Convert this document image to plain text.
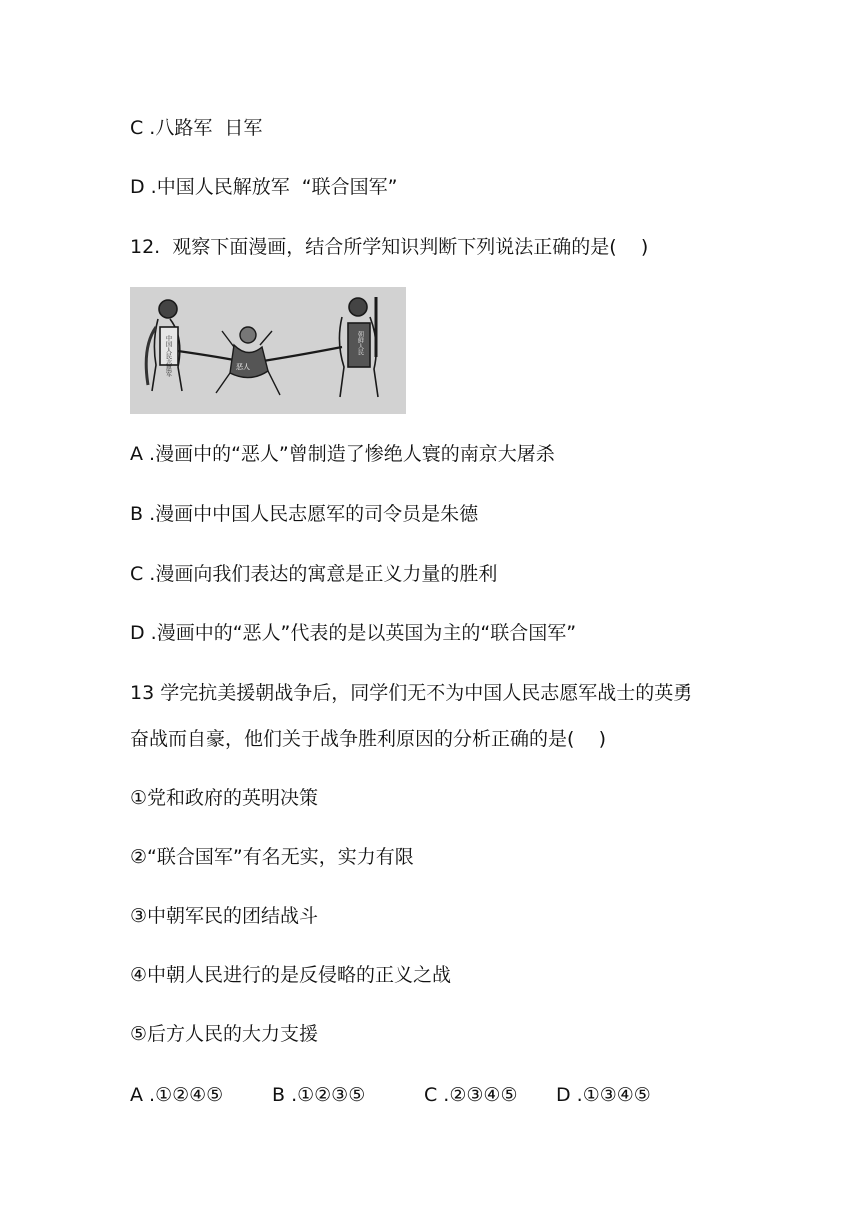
C .八路军  日军

D .中国人民解放军  “联合国军”

12.  观察下面漫画，结合所学知识判断下列说法正确的是(    )

中国人民志愿军	恶人
朝鲜人民

A .漫画中的“恶人”曾制造了惨绝人寰的南京大屠杀

B .漫画中中国人民志愿军的司令员是朱德

C .漫画向我们表达的寓意是正义力量的胜利

D .漫画中的“恶人”代表的是以英国为主的“联合国军”

13 学完抗美援朝战争后，同学们无不为中国人民志愿军战士的英勇

奋战而自豪，他们关于战争胜利原因的分析正确的是(    )

①党和政府的英明决策

②“联合国军”有名无实，实力有限

③中朝军民的团结战斗

④中朝人民进行的是反侵略的正义之战

⑤后方人民的大力支援

A .①②④⑤	B .①②③⑤	C .②③④⑤ D .①③④⑤
